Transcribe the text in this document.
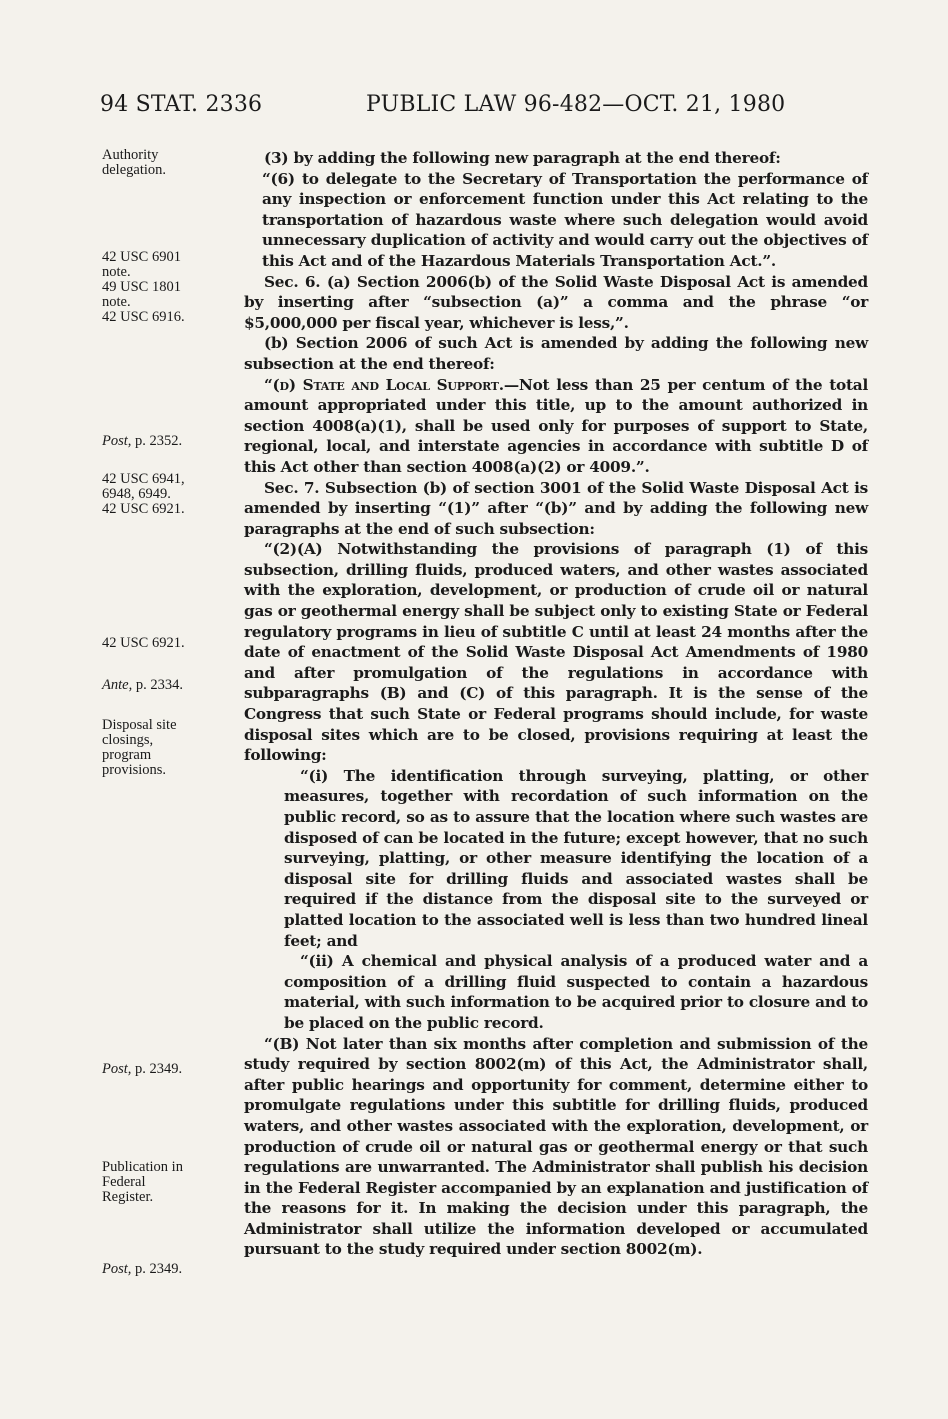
94 STAT. 2336	PUBLIC LAW 96-482—OCT. 21, 1980
Authority
delegation.
42 USC 6901
note.
49 USC 1801
note.
42 USC 6916.
Post, p. 2352.
42 USC 6941,
6948, 6949.
42 USC 6921.
42 USC 6921.
Ante, p. 2334.
Disposal site
closings,
program
provisions.
Post, p. 2349.
Publication in
Federal
Register.
Post, p. 2349.

(3) by adding the following new paragraph at the end thereof:

“(6) to delegate to the Secretary of Transportation the performance of any inspection or enforcement function under this Act relating to the transportation of hazardous waste where such delegation would avoid unnecessary duplication of activity and would carry out the objectives of this Act and of the Hazardous Materials Transportation Act.”.

Sec. 6. (a) Section 2006(b) of the Solid Waste Disposal Act is amended by inserting after “subsection (a)” a comma and the phrase “or $5,000,000 per fiscal year, whichever is less,”.

(b) Section 2006 of such Act is amended by adding the following new subsection at the end thereof:

“(d) State and Local Support.—Not less than 25 per centum of the total amount appropriated under this title, up to the amount authorized in section 4008(a)(1), shall be used only for purposes of support to State, regional, local, and interstate agencies in accordance with subtitle D of this Act other than section 4008(a)(2) or 4009.”.

Sec. 7. Subsection (b) of section 3001 of the Solid Waste Disposal Act is amended by inserting “(1)” after “(b)” and by adding the following new paragraphs at the end of such subsection:

“(2)(A) Notwithstanding the provisions of paragraph (1) of this subsection, drilling fluids, produced waters, and other wastes associated with the exploration, development, or production of crude oil or natural gas or geothermal energy shall be subject only to existing State or Federal regulatory programs in lieu of subtitle C until at least 24 months after the date of enactment of the Solid Waste Disposal Act Amendments of 1980 and after promulgation of the regulations in accordance with subparagraphs (B) and (C) of this paragraph. It is the sense of the Congress that such State or Federal programs should include, for waste disposal sites which are to be closed, provisions requiring at least the following:

“(i) The identification through surveying, platting, or other measures, together with recordation of such information on the public record, so as to assure that the location where such wastes are disposed of can be located in the future; except however, that no such surveying, platting, or other measure identifying the location of a disposal site for drilling fluids and associated wastes shall be required if the distance from the disposal site to the surveyed or platted location to the associated well is less than two hundred lineal feet; and

“(ii) A chemical and physical analysis of a produced water and a composition of a drilling fluid suspected to contain a hazardous material, with such information to be acquired prior to closure and to be placed on the public record.

“(B) Not later than six months after completion and submission of the study required by section 8002(m) of this Act, the Administrator shall, after public hearings and opportunity for comment, determine either to promulgate regulations under this subtitle for drilling fluids, produced waters, and other wastes associated with the exploration, development, or production of crude oil or natural gas or geothermal energy or that such regulations are unwarranted. The Administrator shall publish his decision in the Federal Register accompanied by an explanation and justification of the reasons for it. In making the decision under this paragraph, the Administrator shall utilize the information developed or accumulated pursuant to the study required under section 8002(m).
